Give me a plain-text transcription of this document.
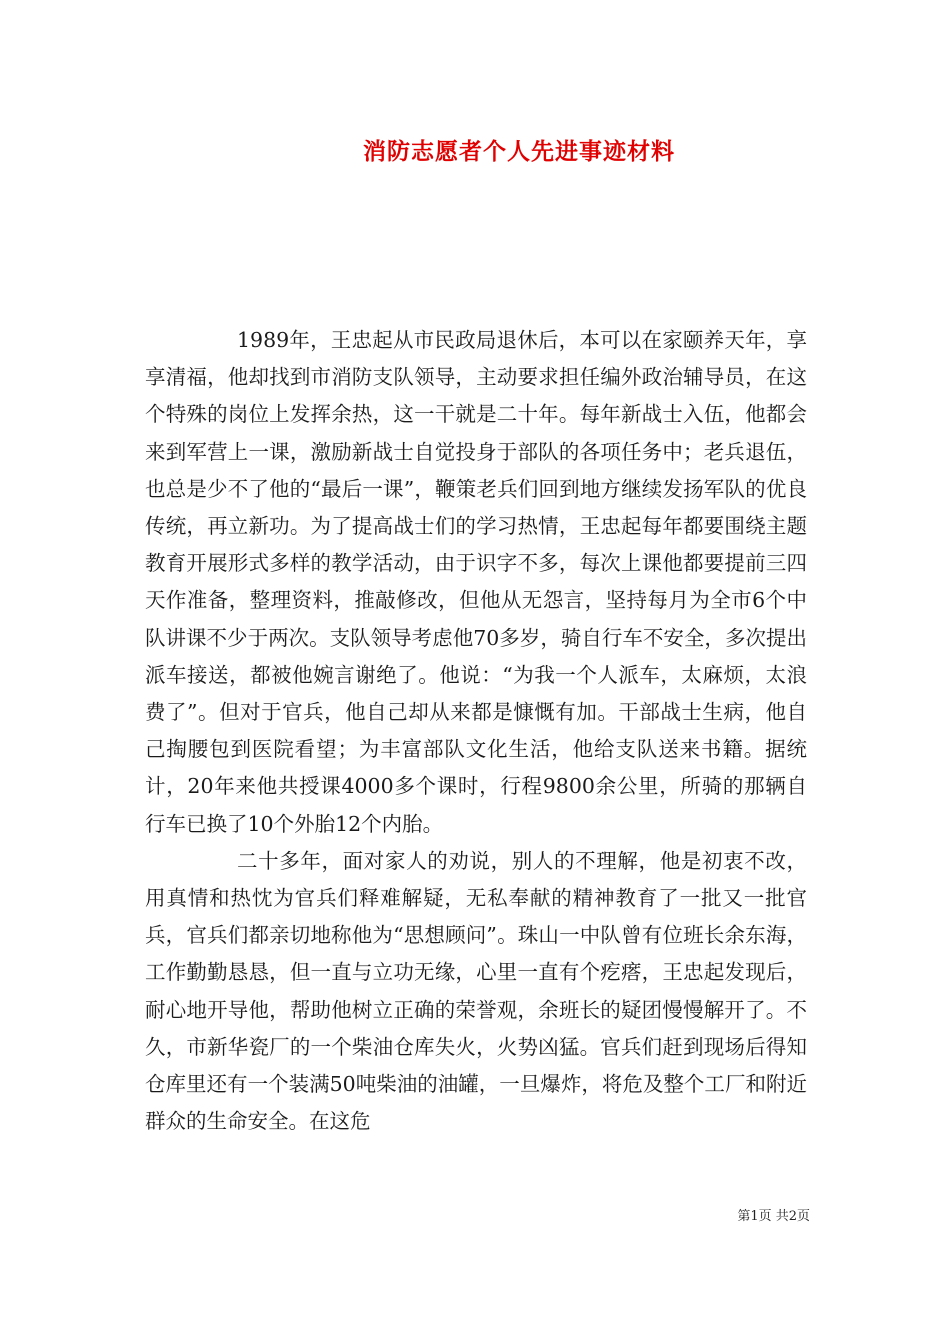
消防志愿者个人先进事迹材料

1989年，王忠起从市民政局退休后，本可以在家颐养天年，享享清福，他却找到市消防支队领导，主动要求担任编外政治辅导员，在这个特殊的岗位上发挥余热，这一干就是二十年。每年新战士入伍，他都会来到军营上一课，激励新战士自觉投身于部队的各项任务中；老兵退伍，也总是少不了他的“最后一课”，鞭策老兵们回到地方继续发扬军队的优良传统，再立新功。为了提高战士们的学习热情，王忠起每年都要围绕主题教育开展形式多样的教学活动，由于识字不多，每次上课他都要提前三四天作准备，整理资料，推敲修改，但他从无怨言，坚持每月为全市6个中队讲课不少于两次。支队领导考虑他70多岁，骑自行车不安全，多次提出派车接送，都被他婉言谢绝了。他说：“为我一个人派车，太麻烦，太浪费了”。但对于官兵，他自己却从来都是慷慨有加。干部战士生病，他自己掏腰包到医院看望；为丰富部队文化生活，他给支队送来书籍。据统计，20年来他共授课4000多个课时，行程9800余公里，所骑的那辆自行车已换了10个外胎12个内胎。

二十多年，面对家人的劝说，别人的不理解，他是初衷不改，用真情和热忱为官兵们释难解疑，无私奉献的精神教育了一批又一批官兵，官兵们都亲切地称他为“思想顾问”。珠山一中队曾有位班长余东海，工作勤勤恳恳，但一直与立功无缘，心里一直有个疙瘩，王忠起发现后，耐心地开导他，帮助他树立正确的荣誉观，余班长的疑团慢慢解开了。不久，市新华瓷厂的一个柴油仓库失火，火势凶猛。官兵们赶到现场后得知仓库里还有一个装满50吨柴油的油罐，一旦爆炸，将危及整个工厂和附近群众的生命安全。在这危

第1页 共2页
